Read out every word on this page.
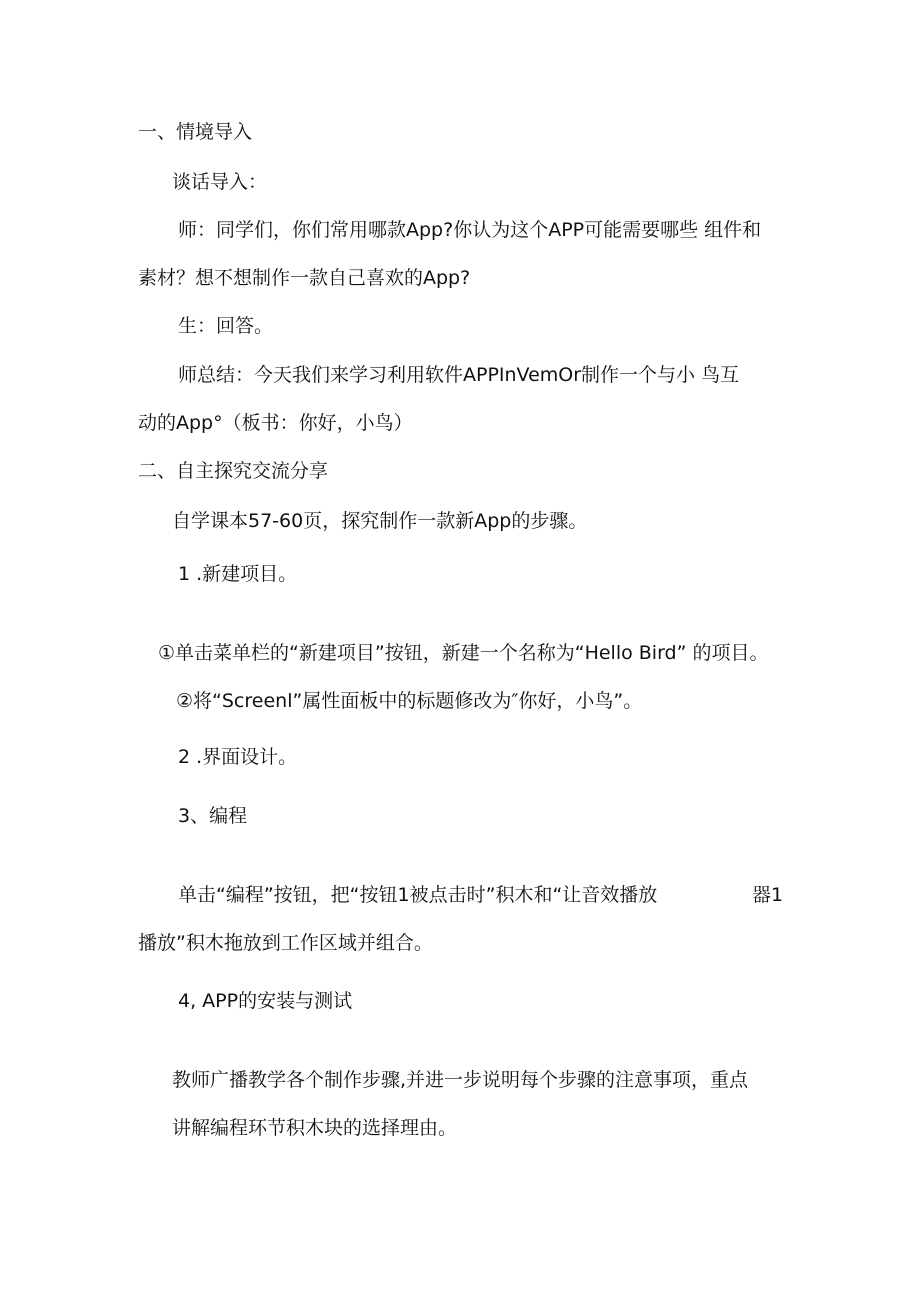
一、情境导入

谈话导入：

师：同学们，你们常用哪款App?你认为这个APP可能需要哪些 组件和

素材？想不想制作一款自己喜欢的App?

生：回答。

师总结：今天我们来学习利用软件APPInVemOr制作一个与小 鸟互

动的App°（板书：你好，小鸟）

二、自主探究交流分享

自学课本57-60页，探究制作一款新App的步骤。

1 .新建项目。

①单击菜单栏的“新建项目”按钮，新建一个名称为“Hello Bird” 的项目。

②将“Screenl”属性面板中的标题修改为″你好，小鸟”。

2 .界面设计。

3、编程

单击“编程”按钮，把“按钮1被点击时”积木和“让音效播放	器1

播放”积木拖放到工作区域并组合。

4, APP的安装与测试

教师广播教学各个制作步骤,并进一步说明每个步骤的注意事项，重点

讲解编程环节积木块的选择理由。
